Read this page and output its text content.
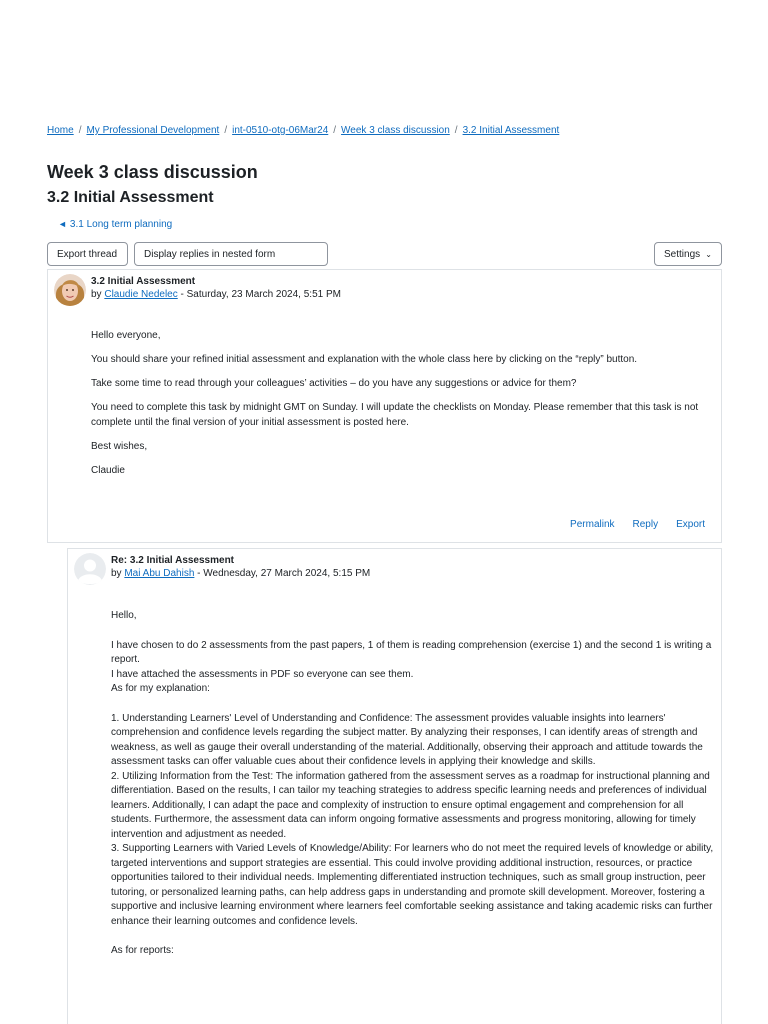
Home / My Professional Development / int-0510-otg-06Mar24 / Week 3 class discussion / 3.2 Initial Assessment
Week 3 class discussion
3.2 Initial Assessment
◄ 3.1 Long term planning
Export thread	Display replies in nested form	Settings ⌄
3.2 Initial Assessment
by Claudie Nedelec - Saturday, 23 March 2024, 5:51 PM

Hello everyone,

You should share your refined initial assessment and explanation with the whole class here by clicking on the “reply” button.

Take some time to read through your colleagues’ activities – do you have any suggestions or advice for them?

You need to complete this task by midnight GMT on Sunday. I will update the checklists on Monday. Please remember that this task is not complete until the final version of your initial assessment is posted here.

Best wishes,

Claudie

Permalink Reply Export
Re: 3.2 Initial Assessment
by Mai Abu Dahish - Wednesday, 27 March 2024, 5:15 PM

Hello,

I have chosen to do 2 assessments from the past papers, 1 of them is reading comprehension (exercise 1) and the second 1 is writing a report.

I have attached the assessments in PDF so everyone can see them.

As for my explanation:

1. Understanding Learners' Level of Understanding and Confidence: The assessment provides valuable insights into learners' comprehension and confidence levels regarding the subject matter. By analyzing their responses, I can identify areas of strength and weakness, as well as gauge their overall understanding of the material. Additionally, observing their approach and attitude towards the assessment tasks can offer valuable cues about their confidence levels in applying their knowledge and skills.

2. Utilizing Information from the Test: The information gathered from the assessment serves as a roadmap for instructional planning and differentiation. Based on the results, I can tailor my teaching strategies to address specific learning needs and preferences of individual learners. Additionally, I can adapt the pace and complexity of instruction to ensure optimal engagement and comprehension for all students. Furthermore, the assessment data can inform ongoing formative assessments and progress monitoring, allowing for timely intervention and adjustment as needed.

3. Supporting Learners with Varied Levels of Knowledge/Ability: For learners who do not meet the required levels of knowledge or ability, targeted interventions and support strategies are essential. This could involve providing additional instruction, resources, or practice opportunities tailored to their individual needs. Implementing differentiated instruction techniques, such as small group instruction, peer tutoring, or personalized learning paths, can help address gaps in understanding and promote skill development. Moreover, fostering a supportive and inclusive learning environment where learners feel comfortable seeking assistance and taking academic risks can further enhance their learning outcomes and confidence levels.

As for reports:
